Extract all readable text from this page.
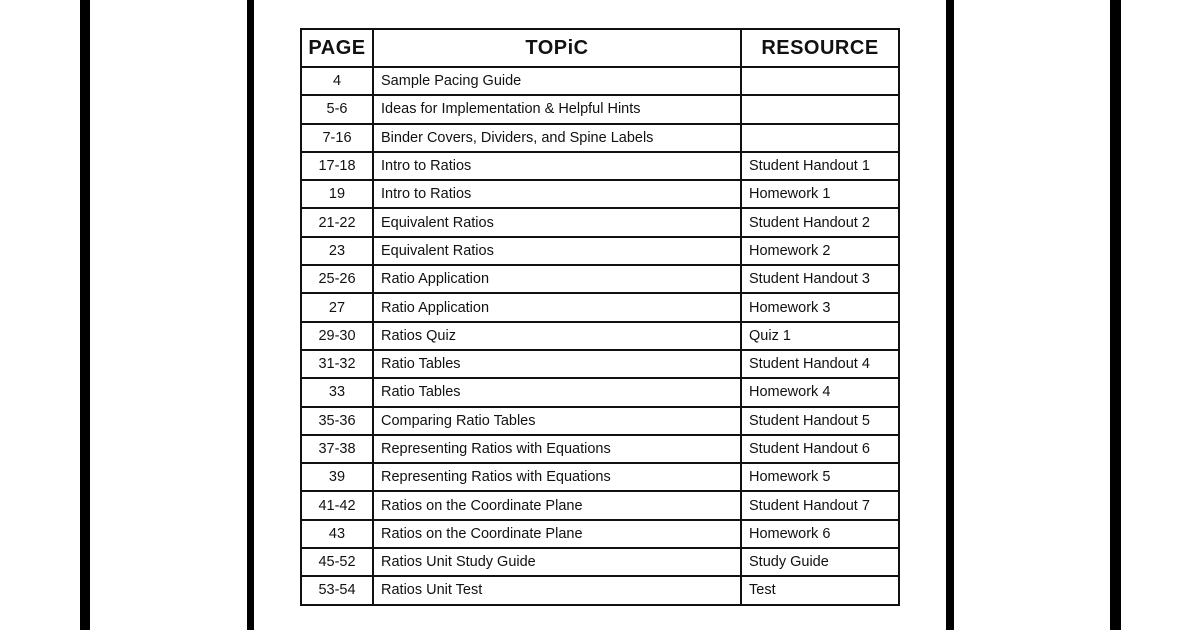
PAGE	TOPiC	RESOURCE
4	Sample Pacing Guide	
5-6	Ideas for Implementation & Helpful Hints	
7-16	Binder Covers, Dividers, and Spine Labels	
17-18	Intro to Ratios	Student Handout 1
19	Intro to Ratios	Homework 1
21-22	Equivalent Ratios	Student Handout 2
23	Equivalent Ratios	Homework 2
25-26	Ratio Application	Student Handout 3
27	Ratio Application	Homework 3
29-30	Ratios Quiz	Quiz 1
31-32	Ratio Tables	Student Handout 4
33	Ratio Tables	Homework 4
35-36	Comparing Ratio Tables	Student Handout 5
37-38	Representing Ratios with Equations	Student Handout 6
39	Representing Ratios with Equations	Homework 5
41-42	Ratios on the Coordinate Plane	Student Handout 7
43	Ratios on the Coordinate Plane	Homework 6
45-52	Ratios Unit Study Guide	Study Guide
53-54	Ratios Unit Test	Test
